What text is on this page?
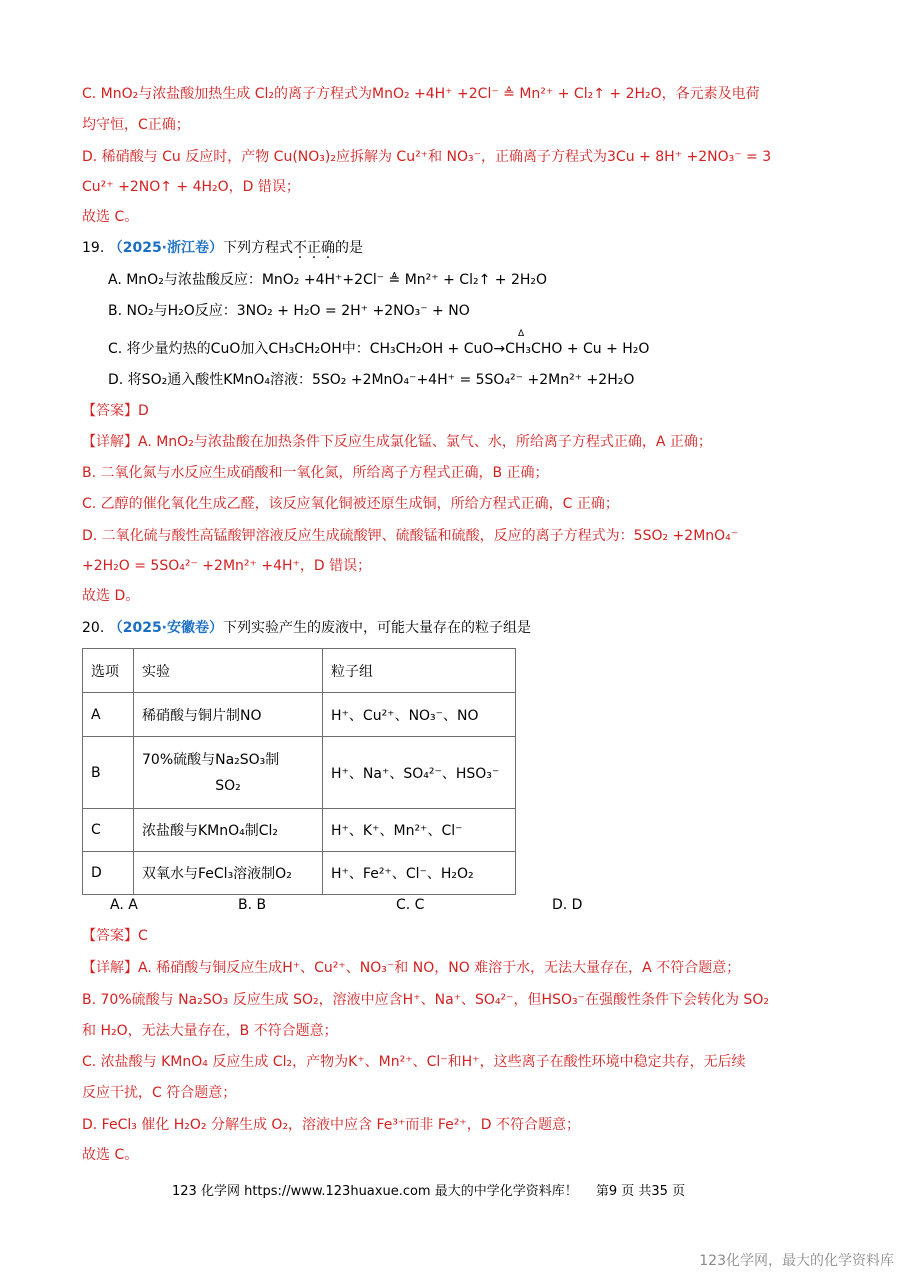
C. MnO₂与浓盐酸加热生成 Cl₂的离子方程式为MnO₂ +4H⁺ +2Cl⁻ ≜ Mn²⁺ + Cl₂↑ + 2H₂O，各元素及电荷
均守恒，C正确；
D. 稀硝酸与 Cu 反应时，产物 Cu(NO₃)₂应拆解为 Cu²⁺和 NO₃⁻，正确离子方程式为3Cu + 8H⁺ +2NO₃⁻ = 3
Cu²⁺ +2NO↑ + 4H₂O，D 错误；
故选 C。
19. （2025·浙江卷）下列方程式不正确的是
A. MnO₂与浓盐酸反应：MnO₂ +4H⁺+2Cl⁻ ≜ Mn²⁺ + Cl₂↑ + 2H₂O
B. NO₂与H₂O反应：3NO₂ + H₂O = 2H⁺ +2NO₃⁻ + NO
Δ
C. 将少量灼热的CuO加入CH₃CH₂OH中：CH₃CH₂OH + CuO→CH₃CHO + Cu + H₂O
D. 将SO₂通入酸性KMnO₄溶液：5SO₂ +2MnO₄⁻+4H⁺ = 5SO₄²⁻ +2Mn²⁺ +2H₂O
【答案】D
【详解】A. MnO₂与浓盐酸在加热条件下反应生成氯化锰、氯气、水，所给离子方程式正确，A 正确；
B. 二氧化氮与水反应生成硝酸和一氧化氮，所给离子方程式正确，B 正确；
C. 乙醇的催化氧化生成乙醛，该反应氧化铜被还原生成铜，所给方程式正确，C 正确；
D. 二氧化硫与酸性高锰酸钾溶液反应生成硫酸钾、硫酸锰和硫酸，反应的离子方程式为：5SO₂ +2MnO₄⁻
+2H₂O = 5SO₄²⁻ +2Mn²⁺ +4H⁺，D 错误；
故选 D。
20. （2025·安徽卷）下列实验产生的废液中，可能大量存在的粒子组是
选项	实验	粒子组
A	稀硝酸与铜片制NO	H⁺、Cu²⁺、NO₃⁻、NO
B	70%硫酸与Na₂SO₃制
SO₂	H⁺、Na⁺、SO₄²⁻、HSO₃⁻
C	浓盐酸与KMnO₄制Cl₂	H⁺、K⁺、Mn²⁺、Cl⁻
D	双氧水与FeCl₃溶液制O₂	H⁺、Fe²⁺、Cl⁻、H₂O₂
A. A	B. B	C. C	D. D
【答案】C
【详解】A. 稀硝酸与铜反应生成H⁺、Cu²⁺、NO₃⁻和 NO，NO 难溶于水，无法大量存在，A 不符合题意；
B. 70%硫酸与 Na₂SO₃ 反应生成 SO₂，溶液中应含H⁺、Na⁺、SO₄²⁻，但HSO₃⁻在强酸性条件下会转化为 SO₂
和 H₂O，无法大量存在，B 不符合题意；
C. 浓盐酸与 KMnO₄ 反应生成 Cl₂，产物为K⁺、Mn²⁺、Cl⁻和H⁺，这些离子在酸性环境中稳定共存，无后续
反应干扰，C 符合题意；
D. FeCl₃ 催化 H₂O₂ 分解生成 O₂，溶液中应含 Fe³⁺而非 Fe²⁺，D 不符合题意；
故选 C。
123 化学网 https://www.123huaxue.com 最大的中学化学资料库！ 第9 页 共35 页
123化学网，最大的化学资料库
